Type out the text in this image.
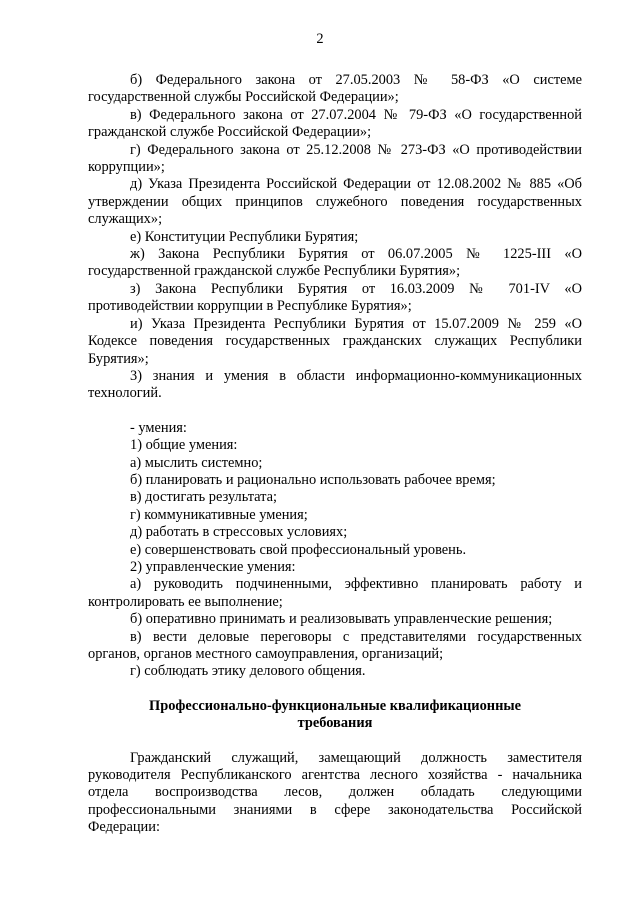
2

б) Федерального закона от 27.05.2003 № 58-ФЗ «О системе государственной службы Российской Федерации»;

в) Федерального закона от 27.07.2004 № 79-ФЗ «О государственной гражданской службе Российской Федерации»;

г) Федерального закона от 25.12.2008 № 273-ФЗ «О противодействии коррупции»;

д) Указа Президента Российской Федерации от 12.08.2002 № 885 «Об утверждении общих принципов служебного поведения государственных служащих»;

е) Конституции Республики Бурятия;

ж) Закона Республики Бурятия от 06.07.2005 № 1225-III «О государственной гражданской службе Республики Бурятия»;

з) Закона Республики Бурятия от 16.03.2009 № 701-IV «О противодействии коррупции в Республике Бурятия»;

и) Указа Президента Республики Бурятия от 15.07.2009 № 259 «О Кодексе поведения государственных гражданских служащих Республики Бурятия»;

3) знания и умения в области информационно-коммуникационных технологий.

- умения:

1) общие умения:

а) мыслить системно;

б) планировать и рационально использовать рабочее время;

в) достигать результата;

г) коммуникативные умения;

д) работать в стрессовых условиях;

е) совершенствовать свой профессиональный уровень.

2) управленческие умения:

а) руководить подчиненными, эффективно планировать работу и контролировать ее выполнение;

б) оперативно принимать и реализовывать управленческие решения;

в) вести деловые переговоры с представителями государственных органов, органов местного самоуправления, организаций;

г) соблюдать этику делового общения.

Профессионально-функциональные квалификационные

требования

Гражданский служащий, замещающий должность заместителя руководителя Республиканского агентства лесного хозяйства - начальника отдела воспроизводства лесов, должен обладать следующими профессиональными знаниями в сфере законодательства Российской Федерации:
